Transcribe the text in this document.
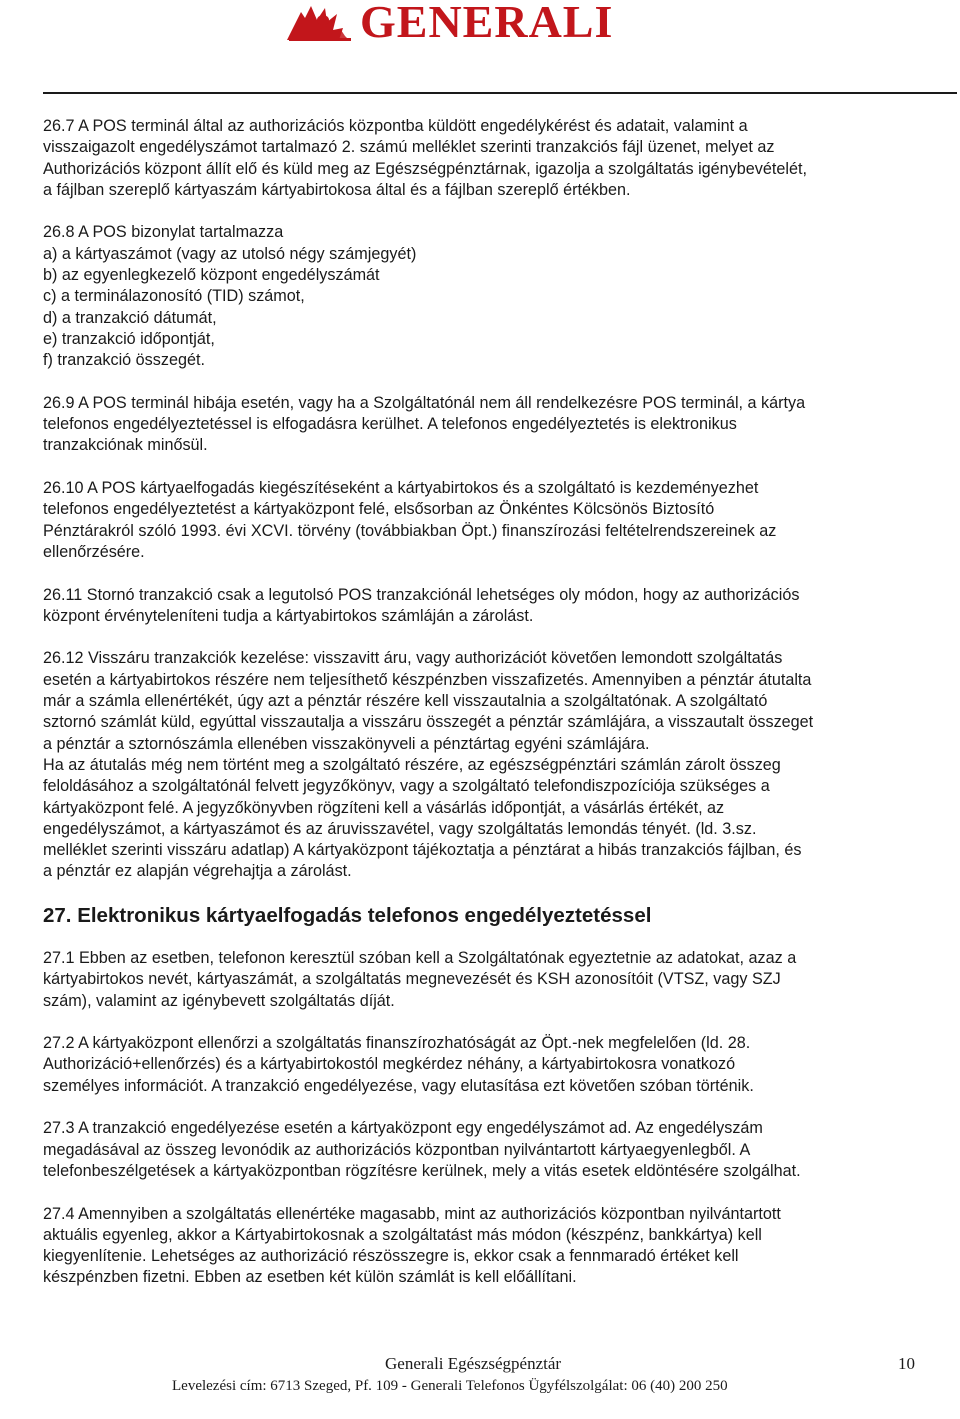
GENERALI

26.7 A POS terminál által az authorizációs központba küldött engedélykérést és adatait, valamint a
visszaigazolt engedélyszámot tartalmazó 2. számú melléklet szerinti tranzakciós fájl üzenet, melyet az
Authorizációs központ állít elő és küld meg az Egészségpénztárnak, igazolja a szolgáltatás igénybevételét,
a fájlban szereplő kártyaszám kártyabirtokosa által és a fájlban szereplő értékben.

26.8 A POS bizonylat tartalmazza
a) a kártyaszámot (vagy az utolsó négy számjegyét)
b) az egyenlegkezelő központ engedélyszámát
c) a terminálazonosító (TID) számot,
d) a tranzakció dátumát,
e) tranzakció időpontját,
f) tranzakció összegét.

26.9 A POS terminál hibája esetén, vagy ha a Szolgáltatónál nem áll rendelkezésre POS terminál, a kártya
telefonos engedélyeztetéssel is elfogadásra kerülhet. A telefonos engedélyeztetés is elektronikus
tranzakciónak minősül.

26.10 A POS kártyaelfogadás kiegészítéseként a kártyabirtokos és a szolgáltató is kezdeményezhet
telefonos engedélyeztetést a kártyaközpont felé, elsősorban az Önkéntes Kölcsönös Biztosító
Pénztárakról szóló 1993. évi XCVI. törvény (továbbiakban Öpt.) finanszírozási feltételrendszereinek az
ellenőrzésére.

26.11 Stornó tranzakció csak a legutolsó POS tranzakciónál lehetséges oly módon, hogy az authorizációs
központ érvényteleníteni tudja a kártyabirtokos számláján a zárolást.

26.12 Visszáru tranzakciók kezelése: visszavitt áru, vagy authorizációt követően lemondott szolgáltatás
esetén a kártyabirtokos részére nem teljesíthető készpénzben visszafizetés. Amennyiben a pénztár átutalta
már a számla ellenértékét, úgy azt a pénztár részére kell visszautalnia a szolgáltatónak. A szolgáltató
sztornó számlát küld, egyúttal visszautalja a visszáru összegét a pénztár számlájára, a visszautalt összeget
a pénztár a sztornószámla ellenében visszakönyveli a pénztártag egyéni számlájára.
Ha az átutalás még nem történt meg a szolgáltató részére, az egészségpénztári számlán zárolt összeg
feloldásához a szolgáltatónál felvett jegyzőkönyv, vagy a szolgáltató telefondiszpozíciója szükséges a
kártyaközpont felé. A jegyzőkönyvben rögzíteni kell a vásárlás időpontját, a vásárlás értékét, az
engedélyszámot, a kártyaszámot és az áruvisszavétel, vagy szolgáltatás lemondás tényét. (ld. 3.sz.
melléklet szerinti visszáru adatlap) A kártyaközpont tájékoztatja a pénztárat a hibás tranzakciós fájlban, és
a pénztár ez alapján végrehajtja a zárolást.

27. Elektronikus kártyaelfogadás telefonos engedélyeztetéssel

27.1 Ebben az esetben, telefonon keresztül szóban kell a Szolgáltatónak egyeztetnie az adatokat, azaz a
kártyabirtokos nevét, kártyaszámát, a szolgáltatás megnevezését és KSH azonosítóit (VTSZ, vagy SZJ
szám), valamint az igénybevett szolgáltatás díját.

27.2 A kártyaközpont ellenőrzi a szolgáltatás finanszírozhatóságát az Öpt.-nek megfelelően (ld. 28.
Authorizáció+ellenőrzés) és a kártyabirtokostól megkérdez néhány, a kártyabirtokosra vonatkozó
személyes információt. A tranzakció engedélyezése, vagy elutasítása ezt követően szóban történik.

27.3 A tranzakció engedélyezése esetén a kártyaközpont egy engedélyszámot ad. Az engedélyszám
megadásával az összeg levonódik az authorizációs központban nyilvántartott kártyaegyenlegből. A
telefonbeszélgetések a kártyaközpontban rögzítésre kerülnek, mely a vitás esetek eldöntésére szolgálhat.

27.4 Amennyiben a szolgáltatás ellenértéke magasabb, mint az authorizációs központban nyilvántartott
aktuális egyenleg, akkor a Kártyabirtokosnak a szolgáltatást más módon (készpénz, bankkártya) kell
kiegyenlítenie. Lehetséges az authorizáció részösszegre is, ekkor csak a fennmaradó értéket kell
készpénzben fizetni. Ebben az esetben két külön számlát is kell előállítani.

Generali Egészségpénztár	10
Levelezési cím: 6713 Szeged, Pf. 109 - Generali Telefonos Ügyfélszolgálat: 06 (40) 200 250
